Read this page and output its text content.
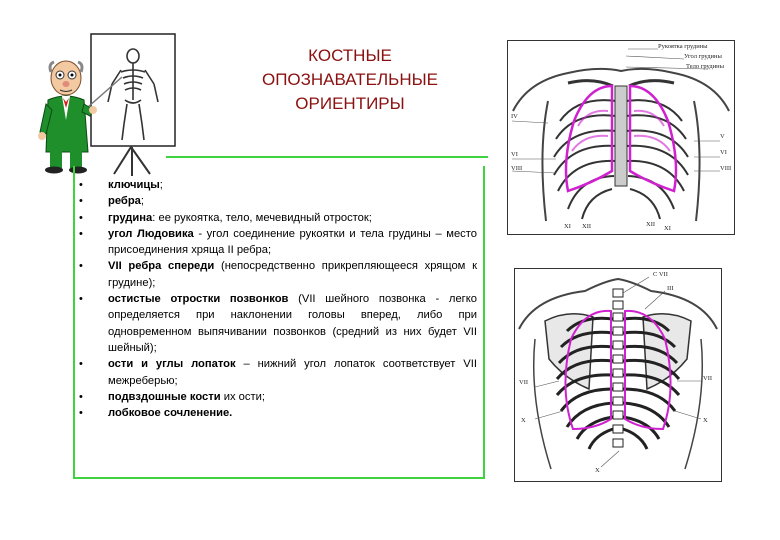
КОСТНЫЕ
ОПОЗНАВАТЕЛЬНЫЕ
ОРИЕНТИРЫ
• ключицы;
• ребра;
• грудина: ее рукоятка, тело, мечевидный отросток;
• угол Людовика - угол соединение рукоятки и тела грудины – место присоединения хряща II ребра;
• VII ребра спереди (непосредственно прикрепляющееся хрящом к грудине);
• остистые отростки позвонков (VII шейного позвонка - легко определяется при наклонении головы вперед, либо при одновременном выпячивании позвонков (средний из них будет VII шейный);
• ости и углы лопаток – нижний угол лопаток соответствует VII межреберью;
• подвздошные кости их ости;
• лобковое сочленение.
Рукоятка грудины
Угол грудины
Тело грудины
IV
V
VI	VI
VIII	VIII
XI XII	XII
XI
C VII
III
VII
VII
X	X
X
